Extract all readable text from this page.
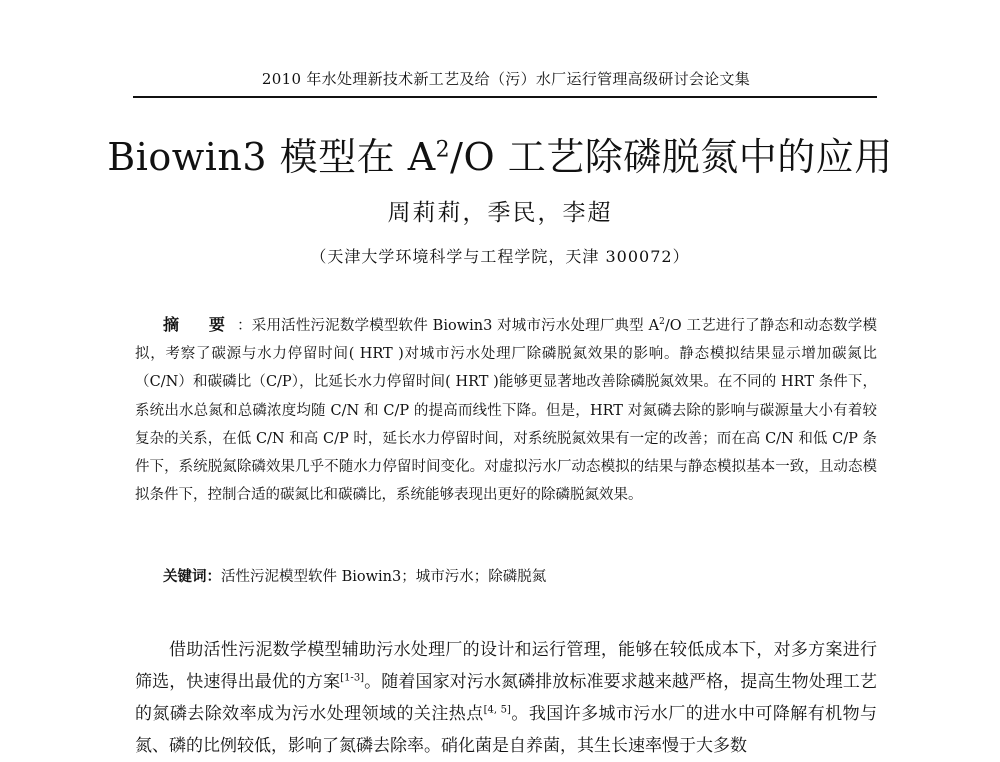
2010 年水处理新技术新工艺及给（污）水厂运行管理高级研讨会论文集
Biowin3 模型在 $A^2/O$ 工艺除磷脱氮中的应用
周莉莉，季民，李超
（天津大学环境科学与工程学院，天津 300072）
摘 要：采用活性污泥数学模型软件 Biowin3 对城市污水处理厂典型 $A^2/O$ 工艺进行了静态和动态数学模拟，考察了碳源与水力停留时间( HRT )对城市污水处理厂除磷脱氮效果的影响。静态模拟结果显示增加碳氮比（C/N）和碳磷比（C/P），比延长水力停留时间( HRT )能够更显著地改善除磷脱氮效果。在不同的 HRT 条件下，系统出水总氮和总磷浓度均随 C/N 和 C/P 的提高而线性下降。但是，HRT 对氮磷去除的影响与碳源量大小有着较复杂的关系，在低 C/N 和高 C/P 时，延长水力停留时间，对系统脱氮效果有一定的改善；而在高 C/N 和低 C/P 条件下，系统脱氮除磷效果几乎不随水力停留时间变化。对虚拟污水厂动态模拟的结果与静态模拟基本一致，且动态模拟条件下，控制合适的碳氮比和碳磷比，系统能够表现出更好的除磷脱氮效果。
关键词：活性污泥模型软件 Biowin3；城市污水；除磷脱氮
借助活性污泥数学模型辅助污水处理厂的设计和运行管理，能够在较低成本下，对多方案进行筛选，快速得出最优的方案[1-3]。随着国家对污水氮磷排放标准要求越来越严格，提高生物处理工艺的氮磷去除效率成为污水处理领域的关注热点[4, 5]。我国许多城市污水厂的进水中可降解有机物与氮、磷的比例较低，影响了氮磷去除率。硝化菌是自养菌，其生长速率慢于大多数
